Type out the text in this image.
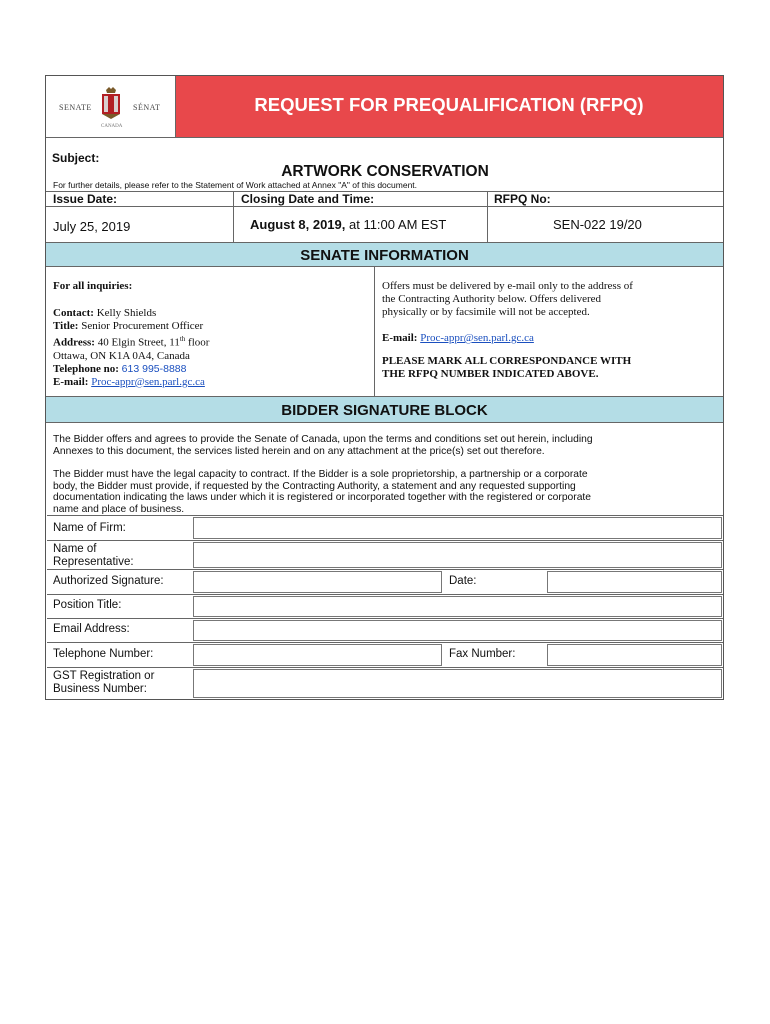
SENATE	SÉNAT
CANADA
REQUEST FOR PREQUALIFICATION (RFPQ)
Subject:
ARTWORK CONSERVATION
For further details, please refer to the Statement of Work attached at Annex "A" of this document.
Issue Date:	Closing Date and Time:	RFPQ No:
July 25, 2019	August 8, 2019, at 11:00 AM EST	SEN-022 19/20
SENATE INFORMATION
For all inquiries:
Contact: Kelly Shields
Title: Senior Procurement Officer
Address: 40 Elgin Street, 11th floor
Ottawa, ON K1A 0A4, Canada
Telephone no: 613 995-8888
E-mail: Proc-appr@sen.parl.gc.ca
Offers must be delivered by e-mail only to the address of
the Contracting Authority below. Offers delivered
physically or by facsimile will not be accepted.
E-mail: Proc-appr@sen.parl.gc.ca
PLEASE MARK ALL CORRESPONDANCE WITH
THE RFPQ NUMBER INDICATED ABOVE.
BIDDER SIGNATURE BLOCK
The Bidder offers and agrees to provide the Senate of Canada, upon the terms and conditions set out herein, including
Annexes to this document, the services listed herein and on any attachment at the price(s) set out therefore.
The Bidder must have the legal capacity to contract. If the Bidder is a sole proprietorship, a partnership or a corporate
body, the Bidder must provide, if requested by the Contracting Authority, a statement and any requested supporting
documentation indicating the laws under which it is registered or incorporated together with the registered or corporate
name and place of business.
Name of Firm:
Name of
Representative:
Authorized Signature:	Date:
Position Title:
Email Address:
Telephone Number:	Fax Number:
GST Registration or
Business Number:
